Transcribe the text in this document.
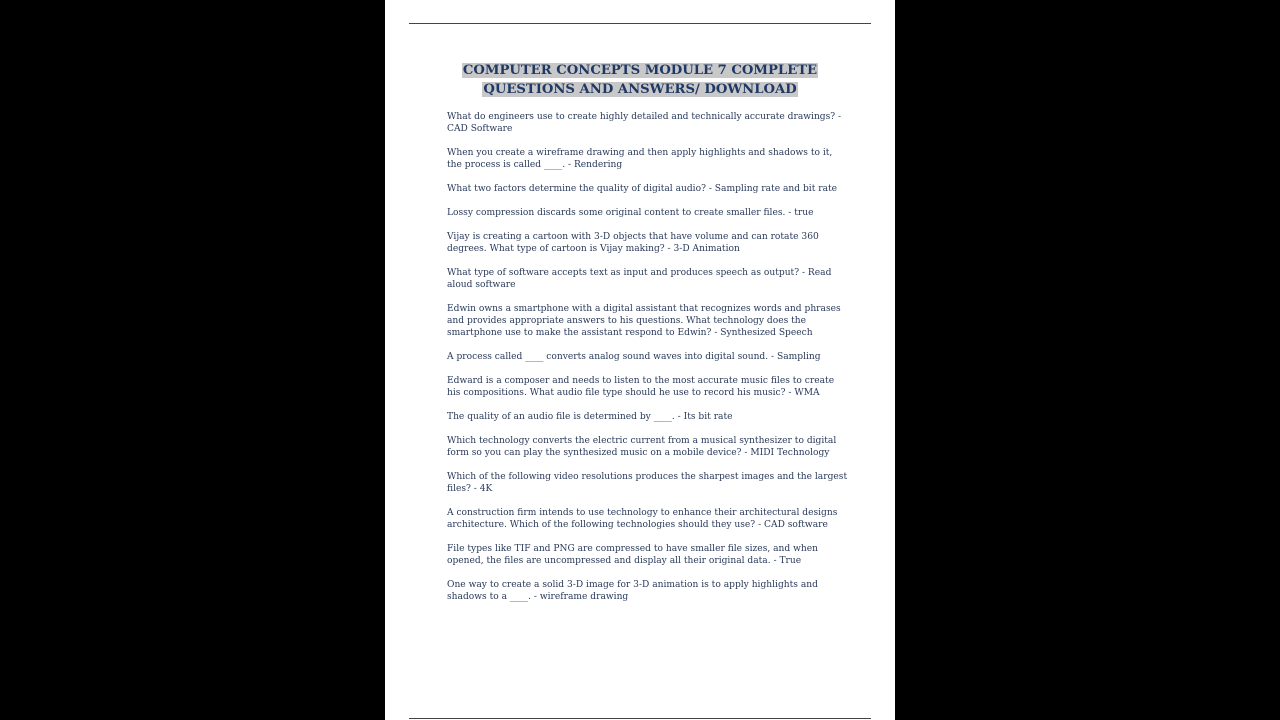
COMPUTER CONCEPTS MODULE 7 COMPLETE
QUESTIONS AND ANSWERS/ DOWNLOAD
What do engineers use to create highly detailed and technically accurate drawings? - CAD Software
When you create a wireframe drawing and then apply highlights and shadows to it, the process is called ____. - Rendering
What two factors determine the quality of digital audio? - Sampling rate and bit rate
Lossy compression discards some original content to create smaller files. - true
Vijay is creating a cartoon with 3-D objects that have volume and can rotate 360 degrees. What type of cartoon is Vijay making? - 3-D Animation
What type of software accepts text as input and produces speech as output? - Read aloud software
Edwin owns a smartphone with a digital assistant that recognizes words and phrases and provides appropriate answers to his questions. What technology does the smartphone use to make the assistant respond to Edwin? - Synthesized Speech
A process called ____ converts analog sound waves into digital sound. - Sampling
Edward is a composer and needs to listen to the most accurate music files to create his compositions. What audio file type should he use to record his music? - WMA
The quality of an audio file is determined by ____. - Its bit rate
Which technology converts the electric current from a musical synthesizer to digital form so you can play the synthesized music on a mobile device? - MIDI Technology
Which of the following video resolutions produces the sharpest images and the largest files? - 4K
A construction firm intends to use technology to enhance their architectural designs architecture. Which of the following technologies should they use? - CAD software
File types like TIF and PNG are compressed to have smaller file sizes, and when opened, the files are uncompressed and display all their original data. - True
One way to create a solid 3-D image for 3-D animation is to apply highlights and shadows to a ____. - wireframe drawing
